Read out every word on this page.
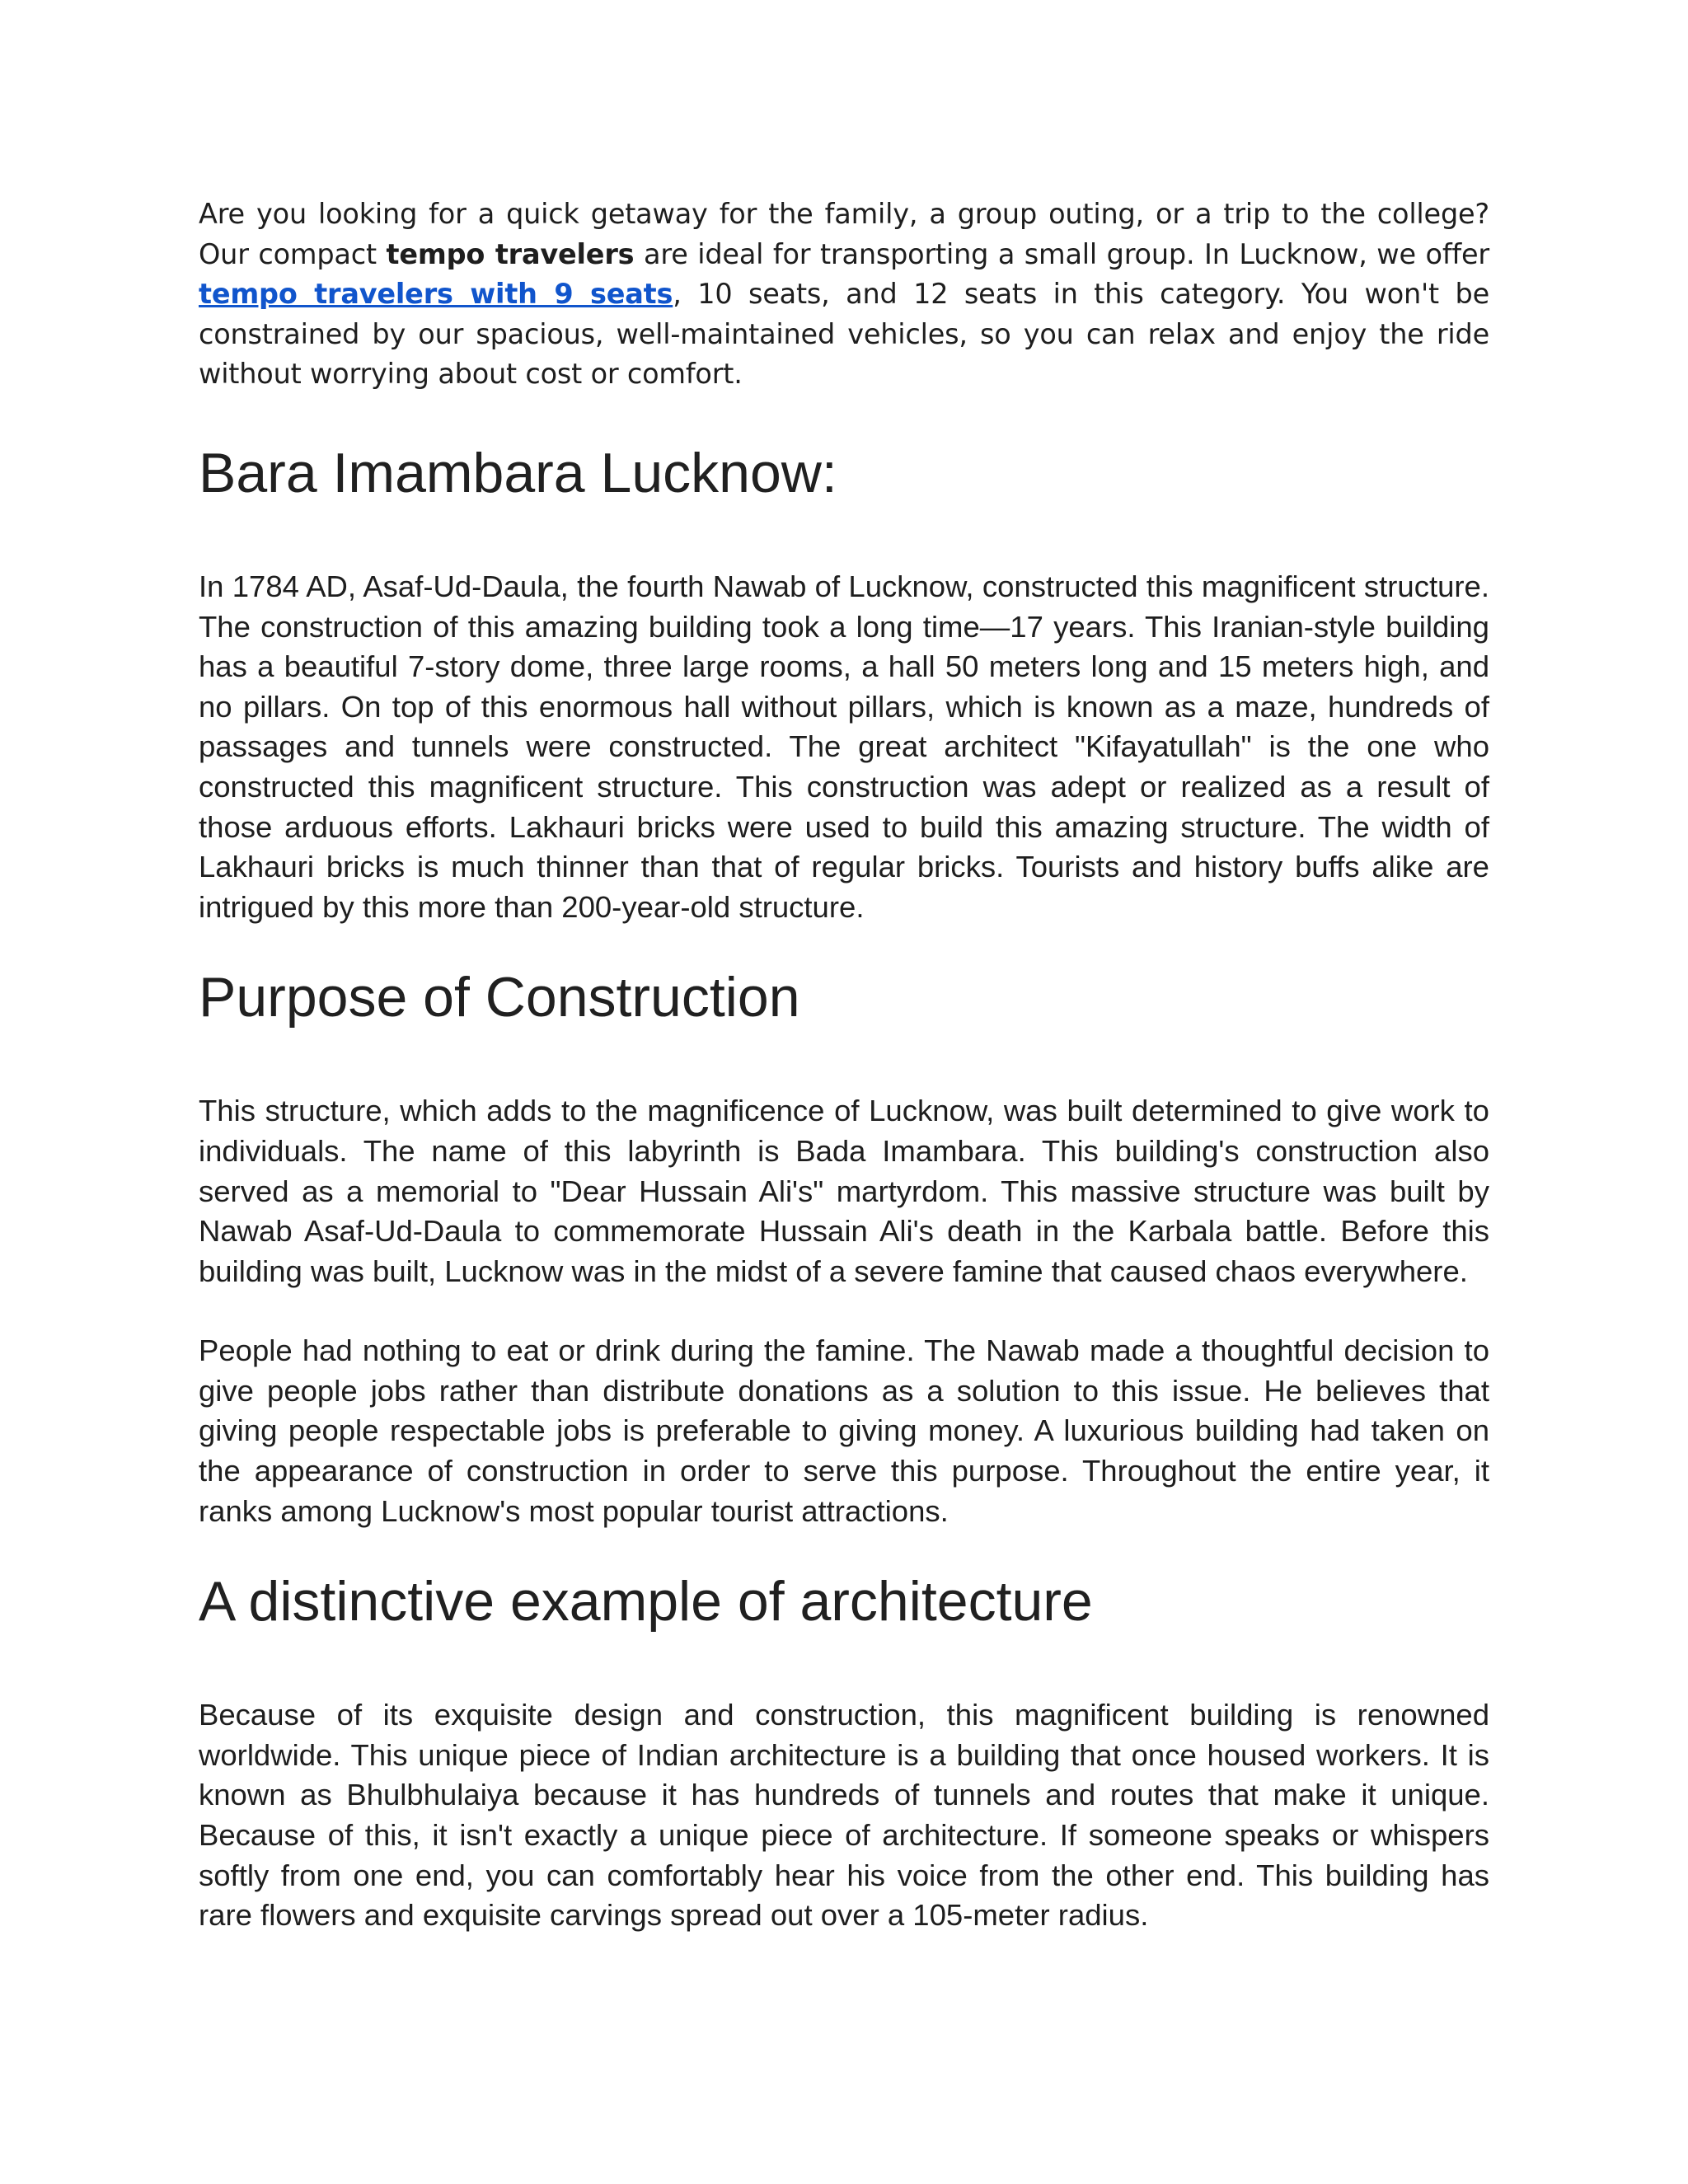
Are you looking for a quick getaway for the family, a group outing, or a trip to the college? Our compact tempo travelers are ideal for transporting a small group. In Lucknow, we offer tempo travelers with 9 seats, 10 seats, and 12 seats in this category. You won't be constrained by our spacious, well-maintained vehicles, so you can relax and enjoy the ride without worrying about cost or comfort.

Bara Imambara Lucknow:

In 1784 AD, Asaf-Ud-Daula, the fourth Nawab of Lucknow, constructed this magnificent structure. The construction of this amazing building took a long time—17 years. This Iranian-style building has a beautiful 7-story dome, three large rooms, a hall 50 meters long and 15 meters high, and no pillars. On top of this enormous hall without pillars, which is known as a maze, hundreds of passages and tunnels were constructed. The great architect "Kifayatullah" is the one who constructed this magnificent structure. This construction was adept or realized as a result of those arduous efforts. Lakhauri bricks were used to build this amazing structure. The width of Lakhauri bricks is much thinner than that of regular bricks. Tourists and history buffs alike are intrigued by this more than 200-year-old structure.

Purpose of Construction

This structure, which adds to the magnificence of Lucknow, was built determined to give work to individuals. The name of this labyrinth is Bada Imambara. This building's construction also served as a memorial to "Dear Hussain Ali's" martyrdom. This massive structure was built by Nawab Asaf-Ud-Daula to commemorate Hussain Ali's death in the Karbala battle. Before this building was built, Lucknow was in the midst of a severe famine that caused chaos everywhere.

People had nothing to eat or drink during the famine. The Nawab made a thoughtful decision to give people jobs rather than distribute donations as a solution to this issue. He believes that giving people respectable jobs is preferable to giving money. A luxurious building had taken on the appearance of construction in order to serve this purpose. Throughout the entire year, it ranks among Lucknow's most popular tourist attractions.

A distinctive example of architecture

Because of its exquisite design and construction, this magnificent building is renowned worldwide. This unique piece of Indian architecture is a building that once housed workers. It is known as Bhulbhulaiya because it has hundreds of tunnels and routes that make it unique. Because of this, it isn't exactly a unique piece of architecture. If someone speaks or whispers softly from one end, you can comfortably hear his voice from the other end. This building has rare flowers and exquisite carvings spread out over a 105-meter radius.
